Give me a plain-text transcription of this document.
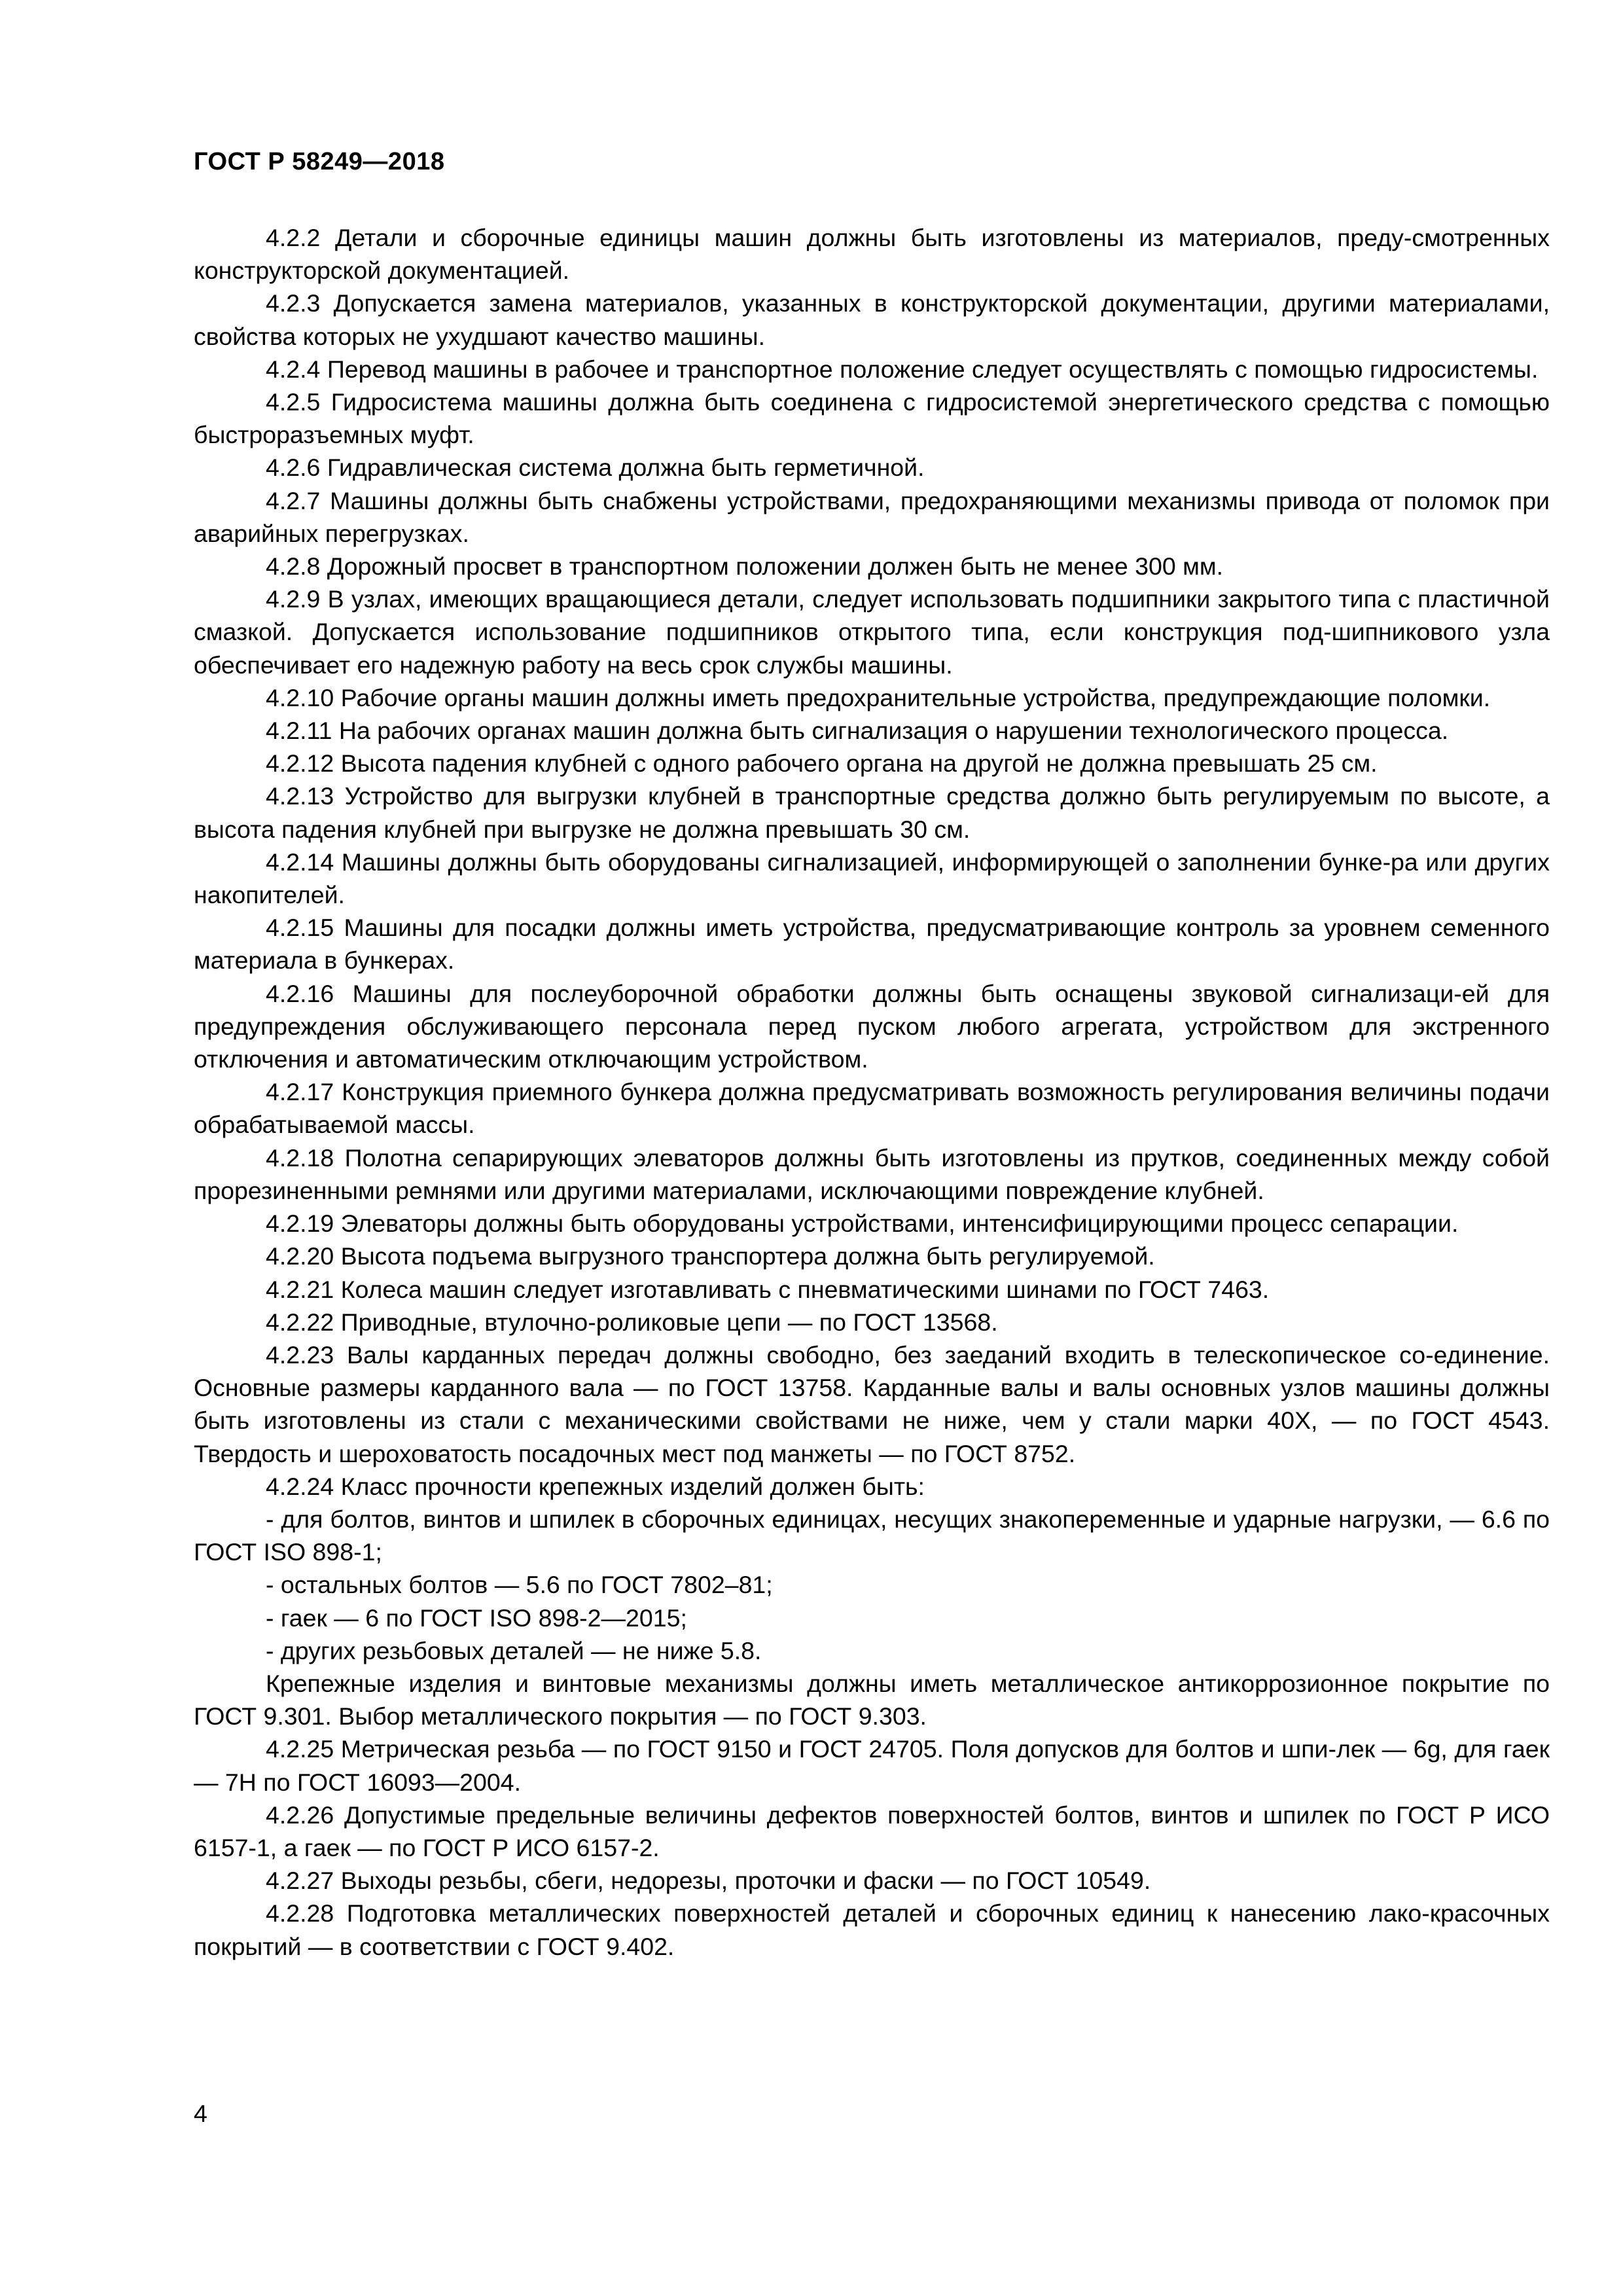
ГОСТ Р 58249—2018

4.2.2 Детали и сборочные единицы машин должны быть изготовлены из материалов, преду-смотренных конструкторской документацией.

4.2.3 Допускается замена материалов, указанных в конструкторской документации, другими материалами, свойства которых не ухудшают качество машины.

4.2.4 Перевод машины в рабочее и транспортное положение следует осуществлять с помощью гидросистемы.

4.2.5 Гидросистема машины должна быть соединена с гидросистемой энергетического средства с помощью быстроразъемных муфт.

4.2.6 Гидравлическая система должна быть герметичной.

4.2.7 Машины должны быть снабжены устройствами, предохраняющими механизмы привода от поломок при аварийных перегрузках.

4.2.8 Дорожный просвет в транспортном положении должен быть не менее 300 мм.

4.2.9 В узлах, имеющих вращающиеся детали, следует использовать подшипники закрытого типа с пластичной смазкой. Допускается использование подшипников открытого типа, если конструкция под-шипникового узла обеспечивает его надежную работу на весь срок службы машины.

4.2.10 Рабочие органы машин должны иметь предохранительные устройства, предупреждающие поломки.

4.2.11 На рабочих органах машин должна быть сигнализация о нарушении технологического процесса.

4.2.12 Высота падения клубней с одного рабочего органа на другой не должна превышать 25 см.

4.2.13 Устройство для выгрузки клубней в транспортные средства должно быть регулируемым по высоте, а высота падения клубней при выгрузке не должна превышать 30 см.

4.2.14 Машины должны быть оборудованы сигнализацией, информирующей о заполнении бунке-ра или других накопителей.

4.2.15 Машины для посадки должны иметь устройства, предусматривающие контроль за уровнем семенного материала в бункерах.

4.2.16 Машины для послеуборочной обработки должны быть оснащены звуковой сигнализаци-ей для предупреждения обслуживающего персонала перед пуском любого агрегата, устройством для экстренного отключения и автоматическим отключающим устройством.

4.2.17 Конструкция приемного бункера должна предусматривать возможность регулирования величины подачи обрабатываемой массы.

4.2.18 Полотна сепарирующих элеваторов должны быть изготовлены из прутков, соединенных между собой прорезиненными ремнями или другими материалами, исключающими повреждение клубней.

4.2.19 Элеваторы должны быть оборудованы устройствами, интенсифицирующими процесс сепарации.

4.2.20 Высота подъема выгрузного транспортера должна быть регулируемой.

4.2.21 Колеса машин следует изготавливать с пневматическими шинами по ГОСТ 7463.

4.2.22 Приводные, втулочно-роликовые цепи — по ГОСТ 13568.

4.2.23 Валы карданных передач должны свободно, без заеданий входить в телескопическое со-единение. Основные размеры карданного вала — по ГОСТ 13758. Карданные валы и валы основных узлов машины должны быть изготовлены из стали с механическими свойствами не ниже, чем у стали марки 40Х, — по ГОСТ 4543. Твердость и шероховатость посадочных мест под манжеты — по ГОСТ 8752.

4.2.24 Класс прочности крепежных изделий должен быть:

- для болтов, винтов и шпилек в сборочных единицах, несущих знакопеременные и ударные нагрузки, — 6.6 по ГОСТ ISO 898-1;

- остальных болтов — 5.6 по ГОСТ 7802–81;

- гаек — 6 по ГОСТ ISO 898-2—2015;

- других резьбовых деталей — не ниже 5.8.

Крепежные изделия и винтовые механизмы должны иметь металлическое антикоррозионное покрытие по ГОСТ 9.301. Выбор металлического покрытия — по ГОСТ 9.303.

4.2.25 Метрическая резьба — по ГОСТ 9150 и ГОСТ 24705. Поля допусков для болтов и шпи-лек — 6g, для гаек — 7Н по ГОСТ 16093—2004.

4.2.26 Допустимые предельные величины дефектов поверхностей болтов, винтов и шпилек по ГОСТ Р ИСО 6157-1, а гаек — по ГОСТ Р ИСО 6157-2.

4.2.27 Выходы резьбы, сбеги, недорезы, проточки и фаски — по ГОСТ 10549.

4.2.28 Подготовка металлических поверхностей деталей и сборочных единиц к нанесению лако-красочных покрытий — в соответствии с ГОСТ 9.402.

4
